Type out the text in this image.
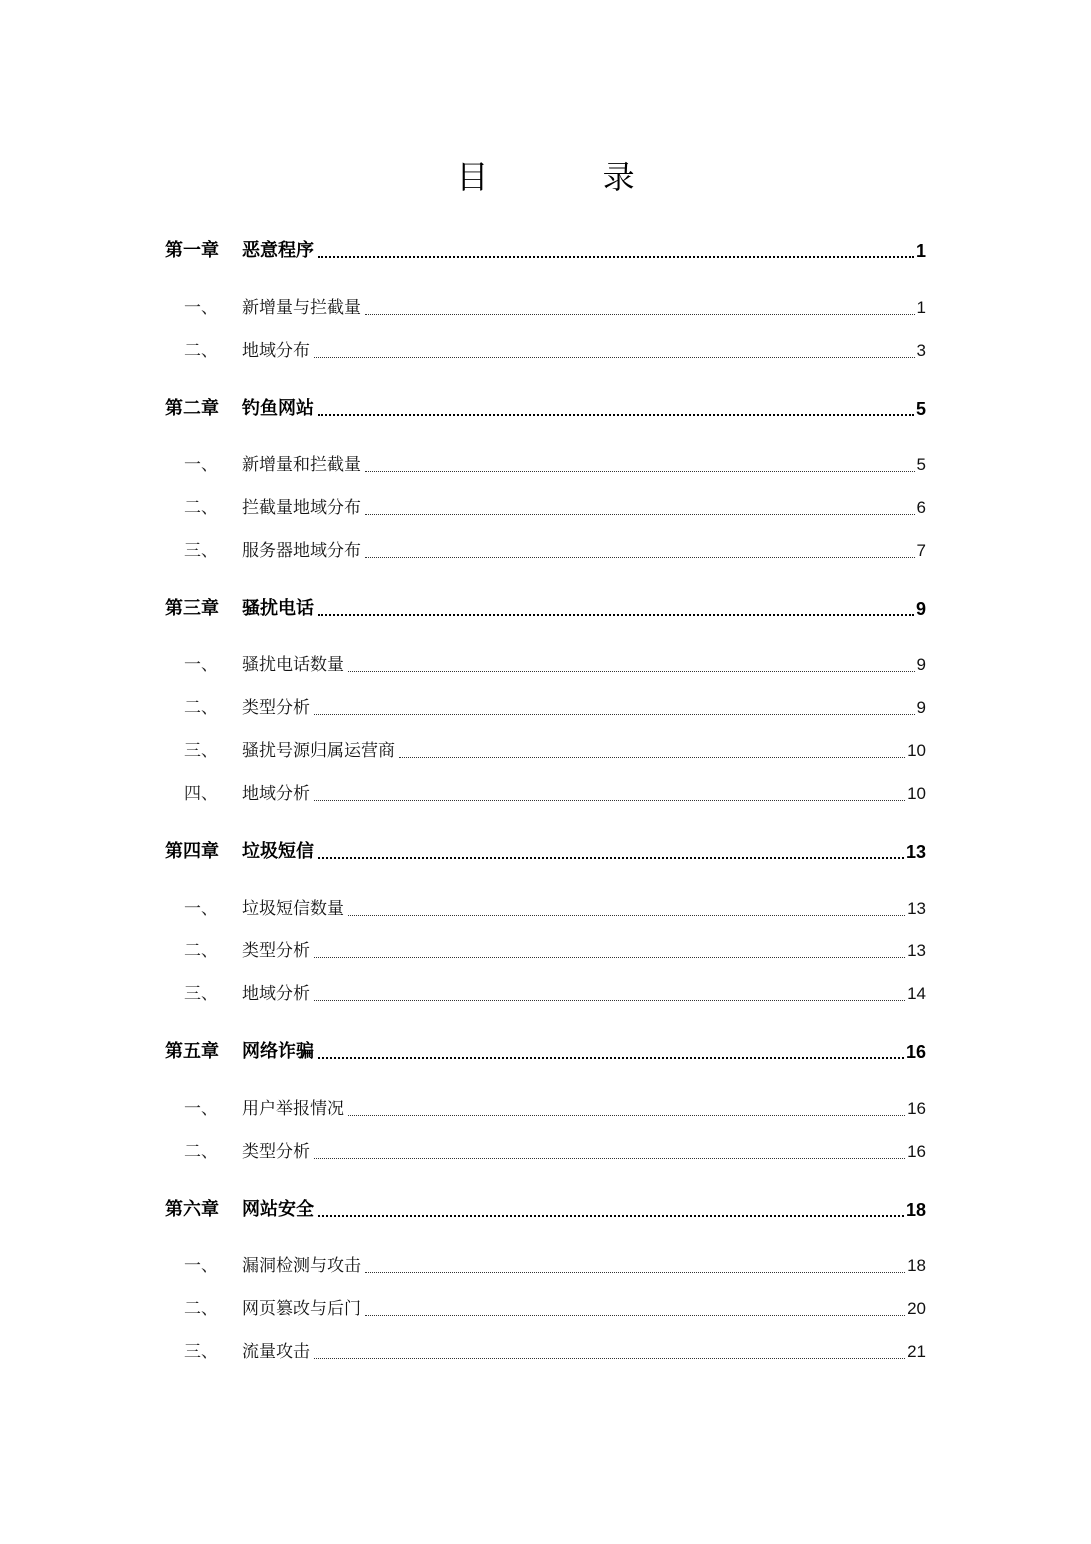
目 录
第一章	恶意程序	1
一、	新增量与拦截量	1
二、	地域分布	3
第二章	钓鱼网站	5
一、	新增量和拦截量	5
二、	拦截量地域分布	6
三、	服务器地域分布	7
第三章	骚扰电话	9
一、	骚扰电话数量	9
二、	类型分析	9
三、	骚扰号源归属运营商	10
四、	地域分析	10
第四章	垃圾短信	13
一、	垃圾短信数量	13
二、	类型分析	13
三、	地域分析	14
第五章	网络诈骗	16
一、	用户举报情况	16
二、	类型分析	16
第六章	网站安全	18
一、	漏洞检测与攻击	18
二、	网页篡改与后门	20
三、	流量攻击	21
